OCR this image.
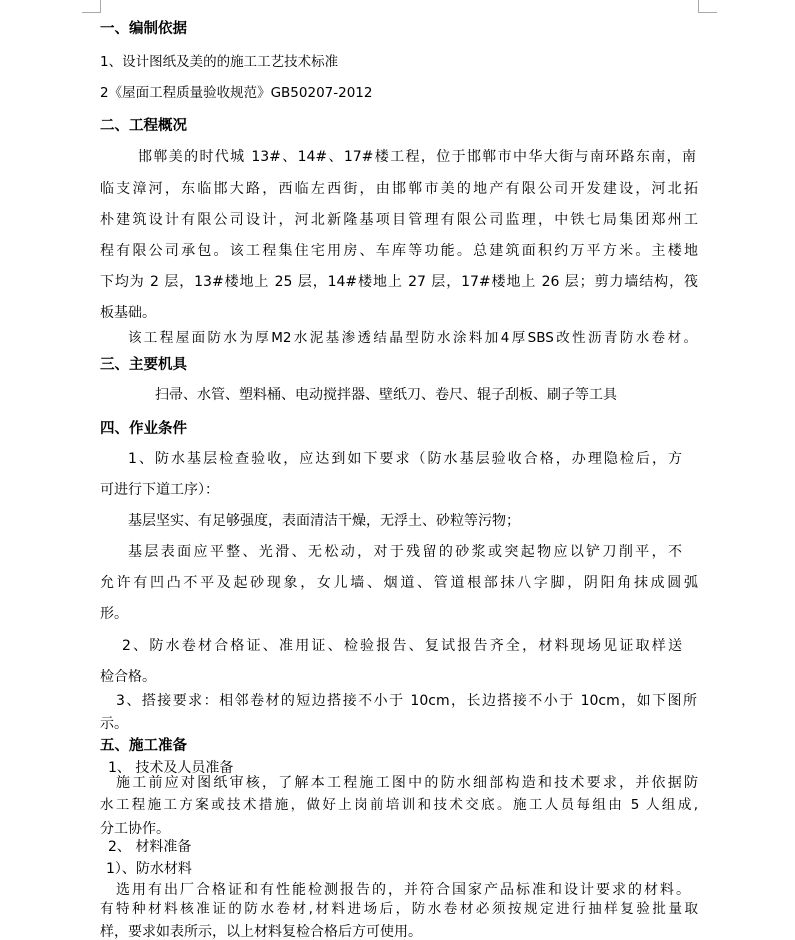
一、编制依据
1、设计图纸及美的的施工工艺技术标准
2《屋面工程质量验收规范》GB50207-2012
二、工程概况
邯郸美的时代城 13#、14#、17#楼工程，位于邯郸市中华大街与南环路东南，南
临支漳河，东临邯大路，西临左西街，由邯郸市美的地产有限公司开发建设，河北拓
朴建筑设计有限公司设计，河北新隆基项目管理有限公司监理，中铁七局集团郑州工
程有限公司承包。该工程集住宅用房、车库等功能。总建筑面积约万平方米。主楼地
下均为 2 层，13#楼地上 25 层，14#楼地上 27 层，17#楼地上 26 层；剪力墙结构，筏
板基础。
该工程屋面防水为厚M2水泥基渗透结晶型防水涂料加4厚SBS改性沥青防水卷材。
三、主要机具
扫帚、水管、塑料桶、电动搅拌器、壁纸刀、卷尺、辊子刮板、刷子等工具
四、作业条件
1、防水基层检查验收，应达到如下要求（防水基层验收合格，办理隐检后，方
可进行下道工序）：
基层坚实、有足够强度，表面清洁干燥，无浮土、砂粒等污物；
基层表面应平整、光滑、无松动，对于残留的砂浆或突起物应以铲刀削平，不
允许有凹凸不平及起砂现象，女儿墙、烟道、管道根部抹八字脚，阴阳角抹成圆弧
形。
2、防水卷材合格证、准用证、检验报告、复试报告齐全，材料现场见证取样送
检合格。
3、搭接要求：相邻卷材的短边搭接不小于 10cm，长边搭接不小于 10cm，如下图所
示。
五、施工准备
1、 技术及人员准备
施工前应对图纸审核，了解本工程施工图中的防水细部构造和技术要求，并依据防
水工程施工方案或技术措施，做好上岗前培训和技术交底。施工人员每组由 5 人组成,
分工协作。
2、 材料准备
1）、防水材料
选用有出厂合格证和有性能检测报告的，并符合国家产品标准和设计要求的材料。
有特种材料核准证的防水卷材,材料进场后，防水卷材必须按规定进行抽样复验批量取
样，要求如表所示，以上材料复检合格后方可使用。
